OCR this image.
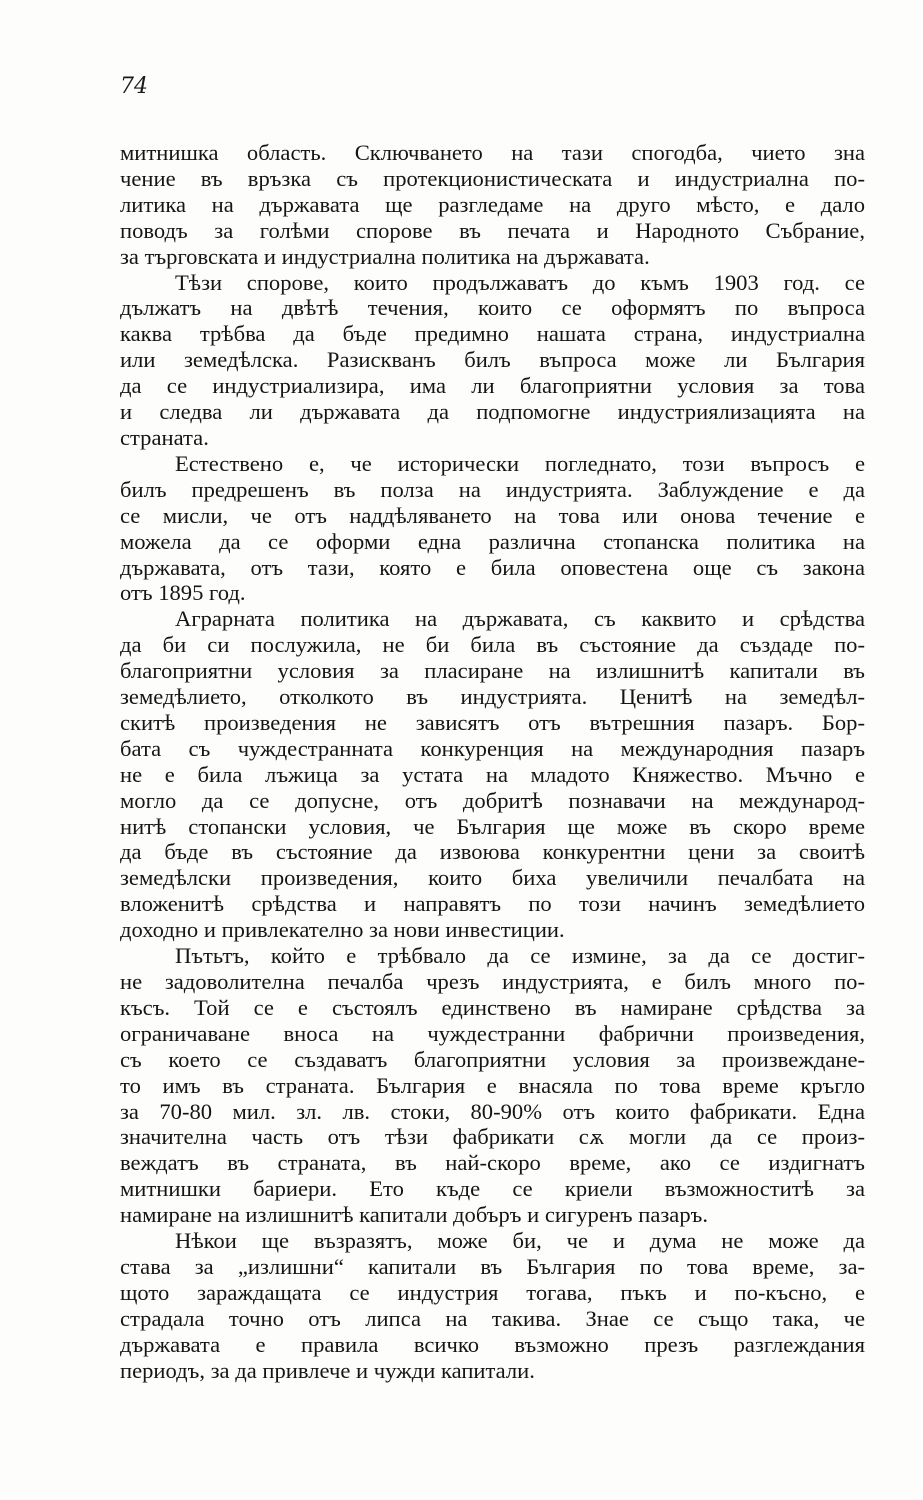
74
митнишка область. Сключването на тази спогодба, чието зна
чение въ връзка съ протекционистическата и индустриална по-
литика на държавата ще разгледаме на друго мѣсто, е дало
поводъ за голѣми спорове въ печата и Народното Събрание,
за търговската и индустриална политика на държавата.
Тѣзи спорове, които продължаватъ до къмъ 1903 год. се
дължатъ на двѣтѣ течения, които се оформятъ по въпроса
каква трѣбва да бъде предимно нашата страна, индустриална
или земедѣлска. Разискванъ билъ въпроса може ли България
да се индустриализира, има ли благоприятни условия за това
и следва ли държавата да подпомогне индустриялизацията на
страната.
Естествено е, че исторически погледнато, този въпросъ е
билъ предрешенъ въ полза на индустрията. Заблуждение е да
се мисли, че отъ наддѣляването на това или онова течение е
можела да се оформи една различна стопанска политика на
държавата, отъ тази, която е била оповестена още съ закона
отъ 1895 год.
Аграрната политика на държавата, съ каквито и срѣдства
да би си послужила, не би била въ състояние да създаде по-
благоприятни условия за пласиране на излишнитѣ капитали въ
земедѣлието, отколкото въ индустрията. Ценитѣ на земедѣл-
скитѣ произведения не зависятъ отъ вътрешния пазаръ. Бор-
бата съ чуждестранната конкуренция на международния пазаръ
не е била лъжица за устата на младото Княжество. Мъчно е
могло да се допусне, отъ добритѣ познавачи на международ-
нитѣ стопански условия, че България ще може въ скоро време
да бъде въ състояние да извоюва конкурентни цени за своитѣ
земедѣлски произведения, които биха увеличили печалбата на
вложенитѣ срѣдства и направятъ по този начинъ земедѣлието
доходно и привлекателно за нови инвестиции.
Пътьтъ, който е трѣбвало да се измине, за да се достиг-
не задоволителна печалба чрезъ индустрията, е билъ много по-
късъ. Той се е състоялъ единствено въ намиране срѣдства за
ограничаване вноса на чуждестранни фабрични произведения,
съ което се създаватъ благоприятни условия за произвеждане-
то имъ въ страната. България е внасяла по това време кръгло
за 70-80 мил. зл. лв. стоки, 80-90% отъ които фабрикати. Една
значителна часть отъ тѣзи фабрикати сѫ могли да се произ-
веждатъ въ страната, въ най-скоро време, ако се издигнатъ
митнишки бариери. Ето къде се криели възможноститѣ за
намиране на излишнитѣ капитали добъръ и сигуренъ пазаръ.
Нѣкои ще възразятъ, може би, че и дума не може да
става за „излишни“ капитали въ България по това време, за-
щото зараждащата се индустрия тогава, пъкъ и по-късно, е
страдала точно отъ липса на такива. Знае се също така, че
държавата е правила всичко възможно презъ разглеждания
периодъ, за да привлече и чужди капитали.
